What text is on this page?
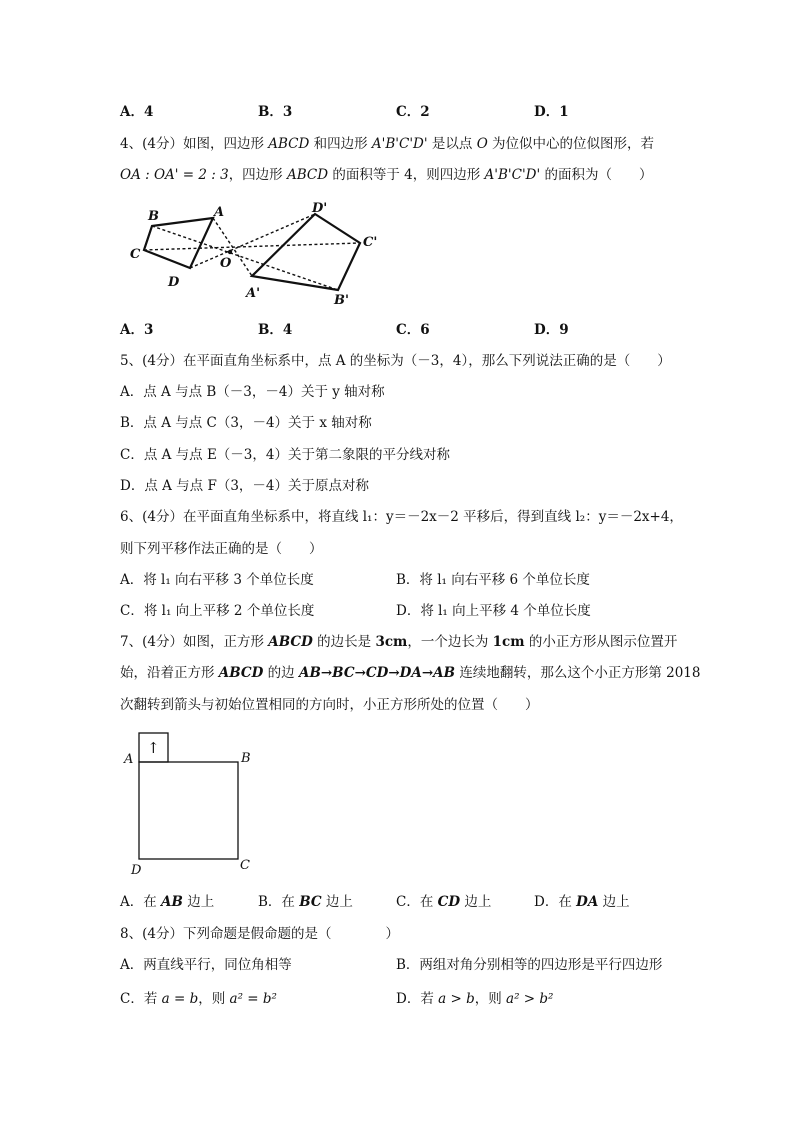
A．4	B．3	C．2	D．1
4、(4分）如图，四边形 ABCD 和四边形 A'B'C'D' 是以点 O 为位似中心的位似图形，若
OA : OA' = 2 : 3，四边形 ABCD 的面积等于 4，则四边形 A'B'C'D' 的面积为（　　）
B	A
C
D
O
D'
C'
A'	B'
A．3	B．4	C．6	D．9
5、(4分）在平面直角坐标系中，点 A 的坐标为（－3，4），那么下列说法正确的是（　　）
A．点 A 与点 B（－3，－4）关于 y 轴对称
B．点 A 与点 C（3，－4）关于 x 轴对称
C．点 A 与点 E（－3，4）关于第二象限的平分线对称
D．点 A 与点 F（3，－4）关于原点对称
6、(4分）在平面直角坐标系中，将直线 l₁：y＝－2x－2 平移后，得到直线 l₂：y＝－2x+4，
则下列平移作法正确的是（　　）
A．将 l₁ 向右平移 3 个单位长度	B．将 l₁ 向右平移 6 个单位长度
C．将 l₁ 向上平移 2 个单位长度	D．将 l₁ 向上平移 4 个单位长度
7、(4分）如图，正方形 ABCD 的边长是 3cm，一个边长为 1cm 的小正方形从图示位置开
始，沿着正方形 ABCD 的边 AB→BC→CD→DA→AB 连续地翻转，那么这个小正方形第 2018
次翻转到箭头与初始位置相同的方向时，小正方形所处的位置（　　）
↑
A	B
C
D
A．在 AB 边上	B．在 BC 边上	C．在 CD 边上	D．在 DA 边上
8、(4分）下列命题是假命题的是（　　　　）
A．两直线平行，同位角相等	B．两组对角分别相等的四边形是平行四边形
C．若 a = b，则 a² = b²	D．若 a > b，则 a² > b²
